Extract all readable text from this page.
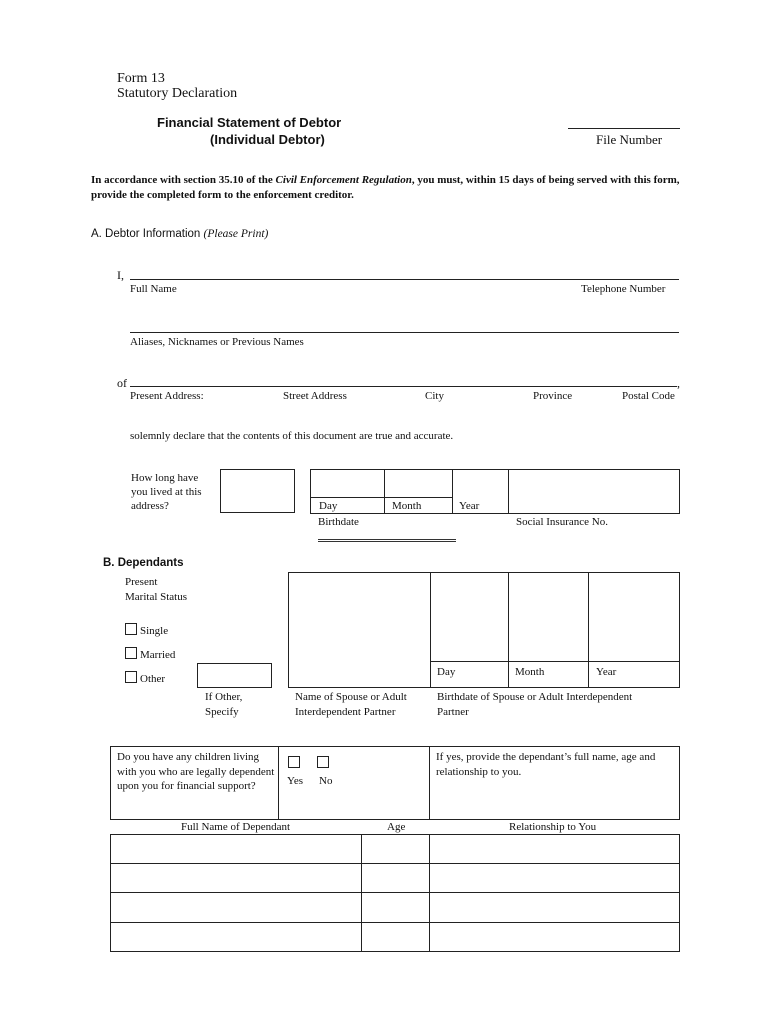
Form 13
Statutory Declaration
Financial Statement of Debtor
(Individual Debtor)	File Number
In accordance with section 35.10 of the Civil Enforcement Regulation, you must, within 15 days of being served with this form,
provide the completed form to the enforcement creditor.
A. Debtor Information (Please Print)
I,
Full Name	Telephone Number
Aliases, Nicknames or Previous Names
of	,
Present Address:	Street Address	City	Province	Postal Code
solemnly declare that the contents of this document are true and accurate.
How long have
you lived at this
address?	Day	Month	Year
Birthdate	Social Insurance No.
B. Dependants
Present
Marital Status
Single
Married
Other
If Other,
Specify
Day	Month	Year
Name of Spouse or Adult
Interdependent Partner
Birthdate of Spouse or Adult Interdependent
Partner
Do you have any children living with you who are legally dependent upon you for financial support?	Yes No
If yes, provide the dependant’s full name, age and relationship to you.
Full Name of Dependant	Age	Relationship to You
